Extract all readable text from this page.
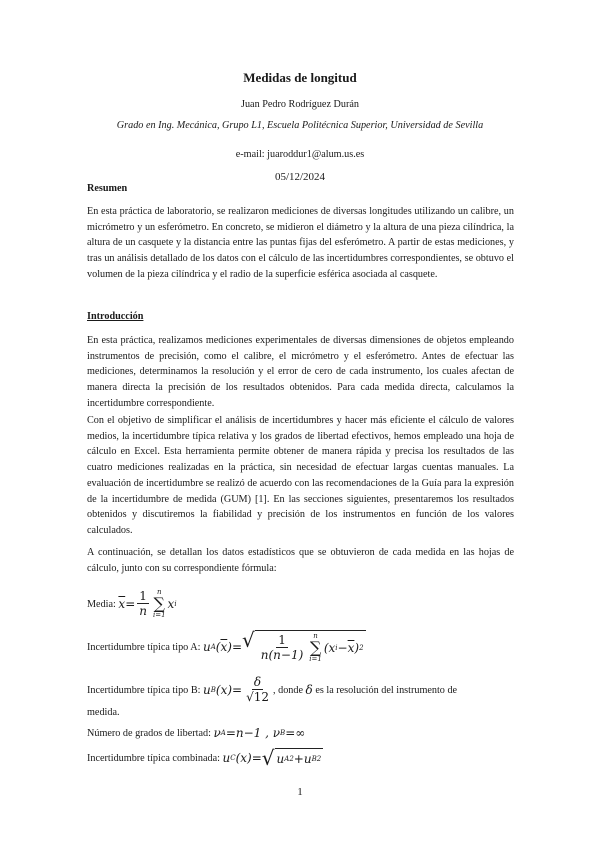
Medidas de longitud
Juan Pedro Rodríguez Durán
Grado en Ing. Mecánica, Grupo L1, Escuela Politécnica Superior, Universidad de Sevilla
e-mail: juaroddur1@alum.us.es
05/12/2024
Resumen
En esta práctica de laboratorio, se realizaron mediciones de diversas longitudes utilizando un calibre, un micrómetro y un esferómetro. En concreto, se midieron el diámetro y la altura de una pieza cilíndrica, la altura de un casquete y la distancia entre las puntas fijas del esferómetro. A partir de estas mediciones, y tras un análisis detallado de los datos con el cálculo de las incertidumbres correspondientes, se obtuvo el volumen de la pieza cilíndrica y el radio de la superficie esférica asociada al casquete.
Introducción
En esta práctica, realizamos mediciones experimentales de diversas dimensiones de objetos empleando instrumentos de precisión, como el calibre, el micrómetro y el esferómetro. Antes de efectuar las mediciones, determinamos la resolución y el error de cero de cada instrumento, los cuales afectan de manera directa la precisión de los resultados obtenidos. Para cada medida directa, calculamos la incertidumbre correspondiente.
Con el objetivo de simplificar el análisis de incertidumbres y hacer más eficiente el cálculo de valores medios, la incertidumbre típica relativa y los grados de libertad efectivos, hemos empleado una hoja de cálculo en Excel. Esta herramienta permite obtener de manera rápida y precisa los resultados de las cuatro mediciones realizadas en la práctica, sin necesidad de efectuar largas cuentas manuales. La evaluación de incertidumbre se realizó de acuerdo con las recomendaciones de la Guía para la expresión de la incertidumbre de medida (GUM) [1]. En las secciones siguientes, presentaremos los resultados obtenidos y discutiremos la fiabilidad y precisión de los instrumentos en función de los valores calculados.
A continuación, se detallan los datos estadísticos que se obtuvieron de cada medida en las hojas de cálculo, junto con su correspondiente fórmula:
Media:
$\overline{x} = \frac{1}{n}$ n
∑
i=1
x i
Incertidumbre típica tipo A:
u A ( $\overline{x}$ )= √ $\frac{1}{n(n-1)}$ n
∑
i=1
(x $i - \overline{x}$ ) 2
Incertidumbre típica tipo B:
u B $(x)= \frac{\delta}{√12}$ , donde
δ
es la resolución del instrumento de
medida.
Número de grados de libertad:
ν A =n−1 , ν B =∞
Incertidumbre típica combinada:
u C (x)= √ u A 2 +u B 2
1
